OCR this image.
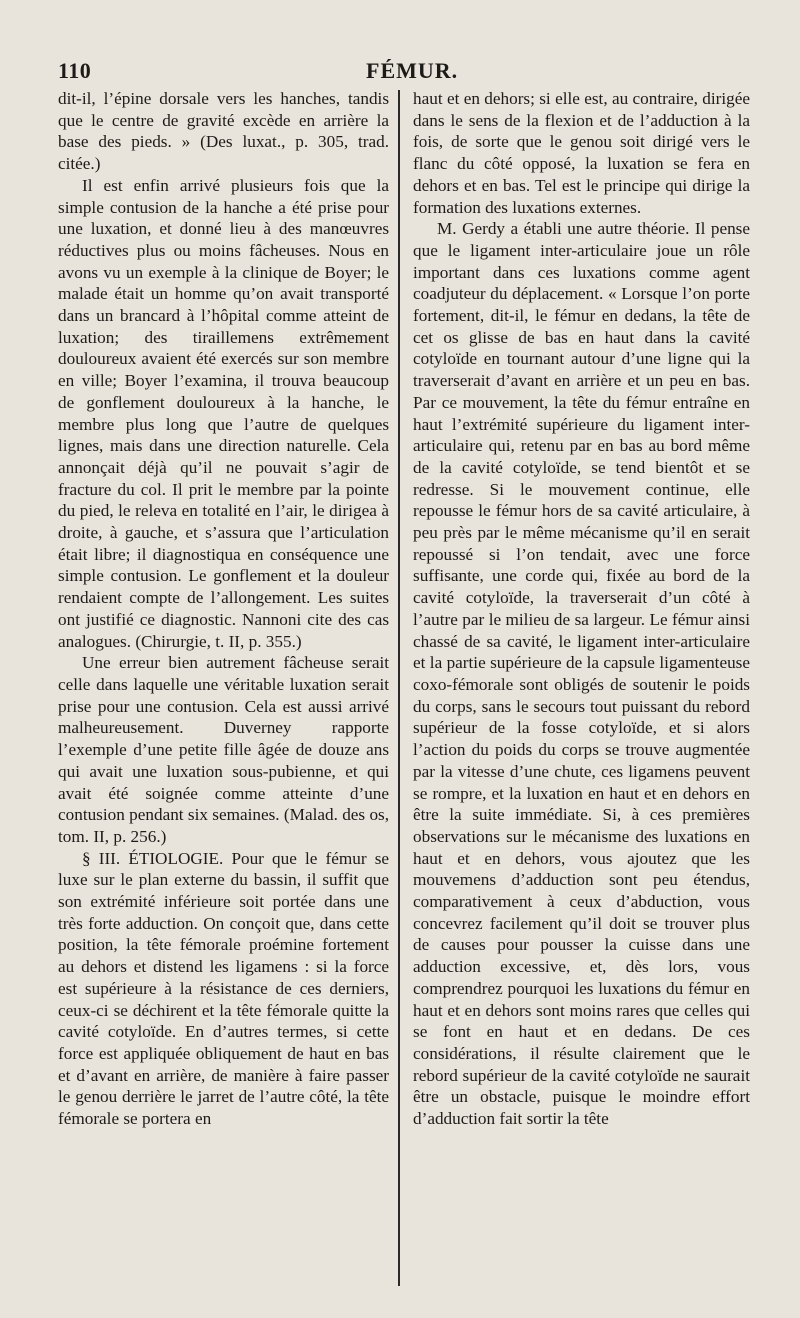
110	FÉMUR.

dit-il, l’épine dorsale vers les hanches, tandis que le centre de gravité excède en arrière la base des pieds. » (Des luxat., p. 305, trad. citée.)

Il est enfin arrivé plusieurs fois que la simple contusion de la hanche a été prise pour une luxation, et donné lieu à des manœuvres réductives plus ou moins fâcheuses. Nous en avons vu un exemple à la clinique de Boyer; le malade était un homme qu’on avait transporté dans un brancard à l’hôpital comme atteint de luxation; des tiraillemens extrêmement douloureux avaient été exercés sur son membre en ville; Boyer l’examina, il trouva beaucoup de gonflement douloureux à la hanche, le membre plus long que l’autre de quelques lignes, mais dans une direction naturelle. Cela annonçait déjà qu’il ne pouvait s’agir de fracture du col. Il prit le membre par la pointe du pied, le releva en totalité en l’air, le dirigea à droite, à gauche, et s’assura que l’articulation était libre; il diagnostiqua en conséquence une simple contusion. Le gonflement et la douleur rendaient compte de l’allongement. Les suites ont justifié ce diagnostic. Nannoni cite des cas analogues. (Chirurgie, t. II, p. 355.)

Une erreur bien autrement fâcheuse serait celle dans laquelle une véritable luxation serait prise pour une contusion. Cela est aussi arrivé malheureusement. Duverney rapporte l’exemple d’une petite fille âgée de douze ans qui avait une luxation sous-pubienne, et qui avait été soignée comme atteinte d’une contusion pendant six semaines. (Malad. des os, tom. II, p. 256.)

§ III. ÉTIOLOGIE. Pour que le fémur se luxe sur le plan externe du bassin, il suffit que son extrémité inférieure soit portée dans une très forte adduction. On conçoit que, dans cette position, la tête fémorale proémine fortement au dehors et distend les ligamens : si la force est supérieure à la résistance de ces derniers, ceux-ci se déchirent et la tête fémorale quitte la cavité cotyloïde. En d’autres termes, si cette force est appliquée obliquement de haut en bas et d’avant en arrière, de manière à faire passer le genou derrière le jarret de l’autre côté, la tête fémorale se portera en

haut et en dehors; si elle est, au contraire, dirigée dans le sens de la flexion et de l’adduction à la fois, de sorte que le genou soit dirigé vers le flanc du côté opposé, la luxation se fera en dehors et en bas. Tel est le principe qui dirige la formation des luxations externes.

M. Gerdy a établi une autre théorie. Il pense que le ligament inter-articulaire joue un rôle important dans ces luxations comme agent coadjuteur du déplacement. « Lorsque l’on porte fortement, dit-il, le fémur en dedans, la tête de cet os glisse de bas en haut dans la cavité cotyloïde en tournant autour d’une ligne qui la traverserait d’avant en arrière et un peu en bas. Par ce mouvement, la tête du fémur entraîne en haut l’extrémité supérieure du ligament inter-articulaire qui, retenu par en bas au bord même de la cavité cotyloïde, se tend bientôt et se redresse. Si le mouvement continue, elle repousse le fémur hors de sa cavité articulaire, à peu près par le même mécanisme qu’il en serait repoussé si l’on tendait, avec une force suffisante, une corde qui, fixée au bord de la cavité cotyloïde, la traverserait d’un côté à l’autre par le milieu de sa largeur. Le fémur ainsi chassé de sa cavité, le ligament inter-articulaire et la partie supérieure de la capsule ligamenteuse coxo-fémorale sont obligés de soutenir le poids du corps, sans le secours tout puissant du rebord supérieur de la fosse cotyloïde, et si alors l’action du poids du corps se trouve augmentée par la vitesse d’une chute, ces ligamens peuvent se rompre, et la luxation en haut et en dehors en être la suite immédiate. Si, à ces premières observations sur le mécanisme des luxations en haut et en dehors, vous ajoutez que les mouvemens d’adduction sont peu étendus, comparativement à ceux d’abduction, vous concevrez facilement qu’il doit se trouver plus de causes pour pousser la cuisse dans une adduction excessive, et, dès lors, vous comprendrez pourquoi les luxations du fémur en haut et en dehors sont moins rares que celles qui se font en haut et en dedans. De ces considérations, il résulte clairement que le rebord supérieur de la cavité cotyloïde ne saurait être un obstacle, puisque le moindre effort d’adduction fait sortir la tête
